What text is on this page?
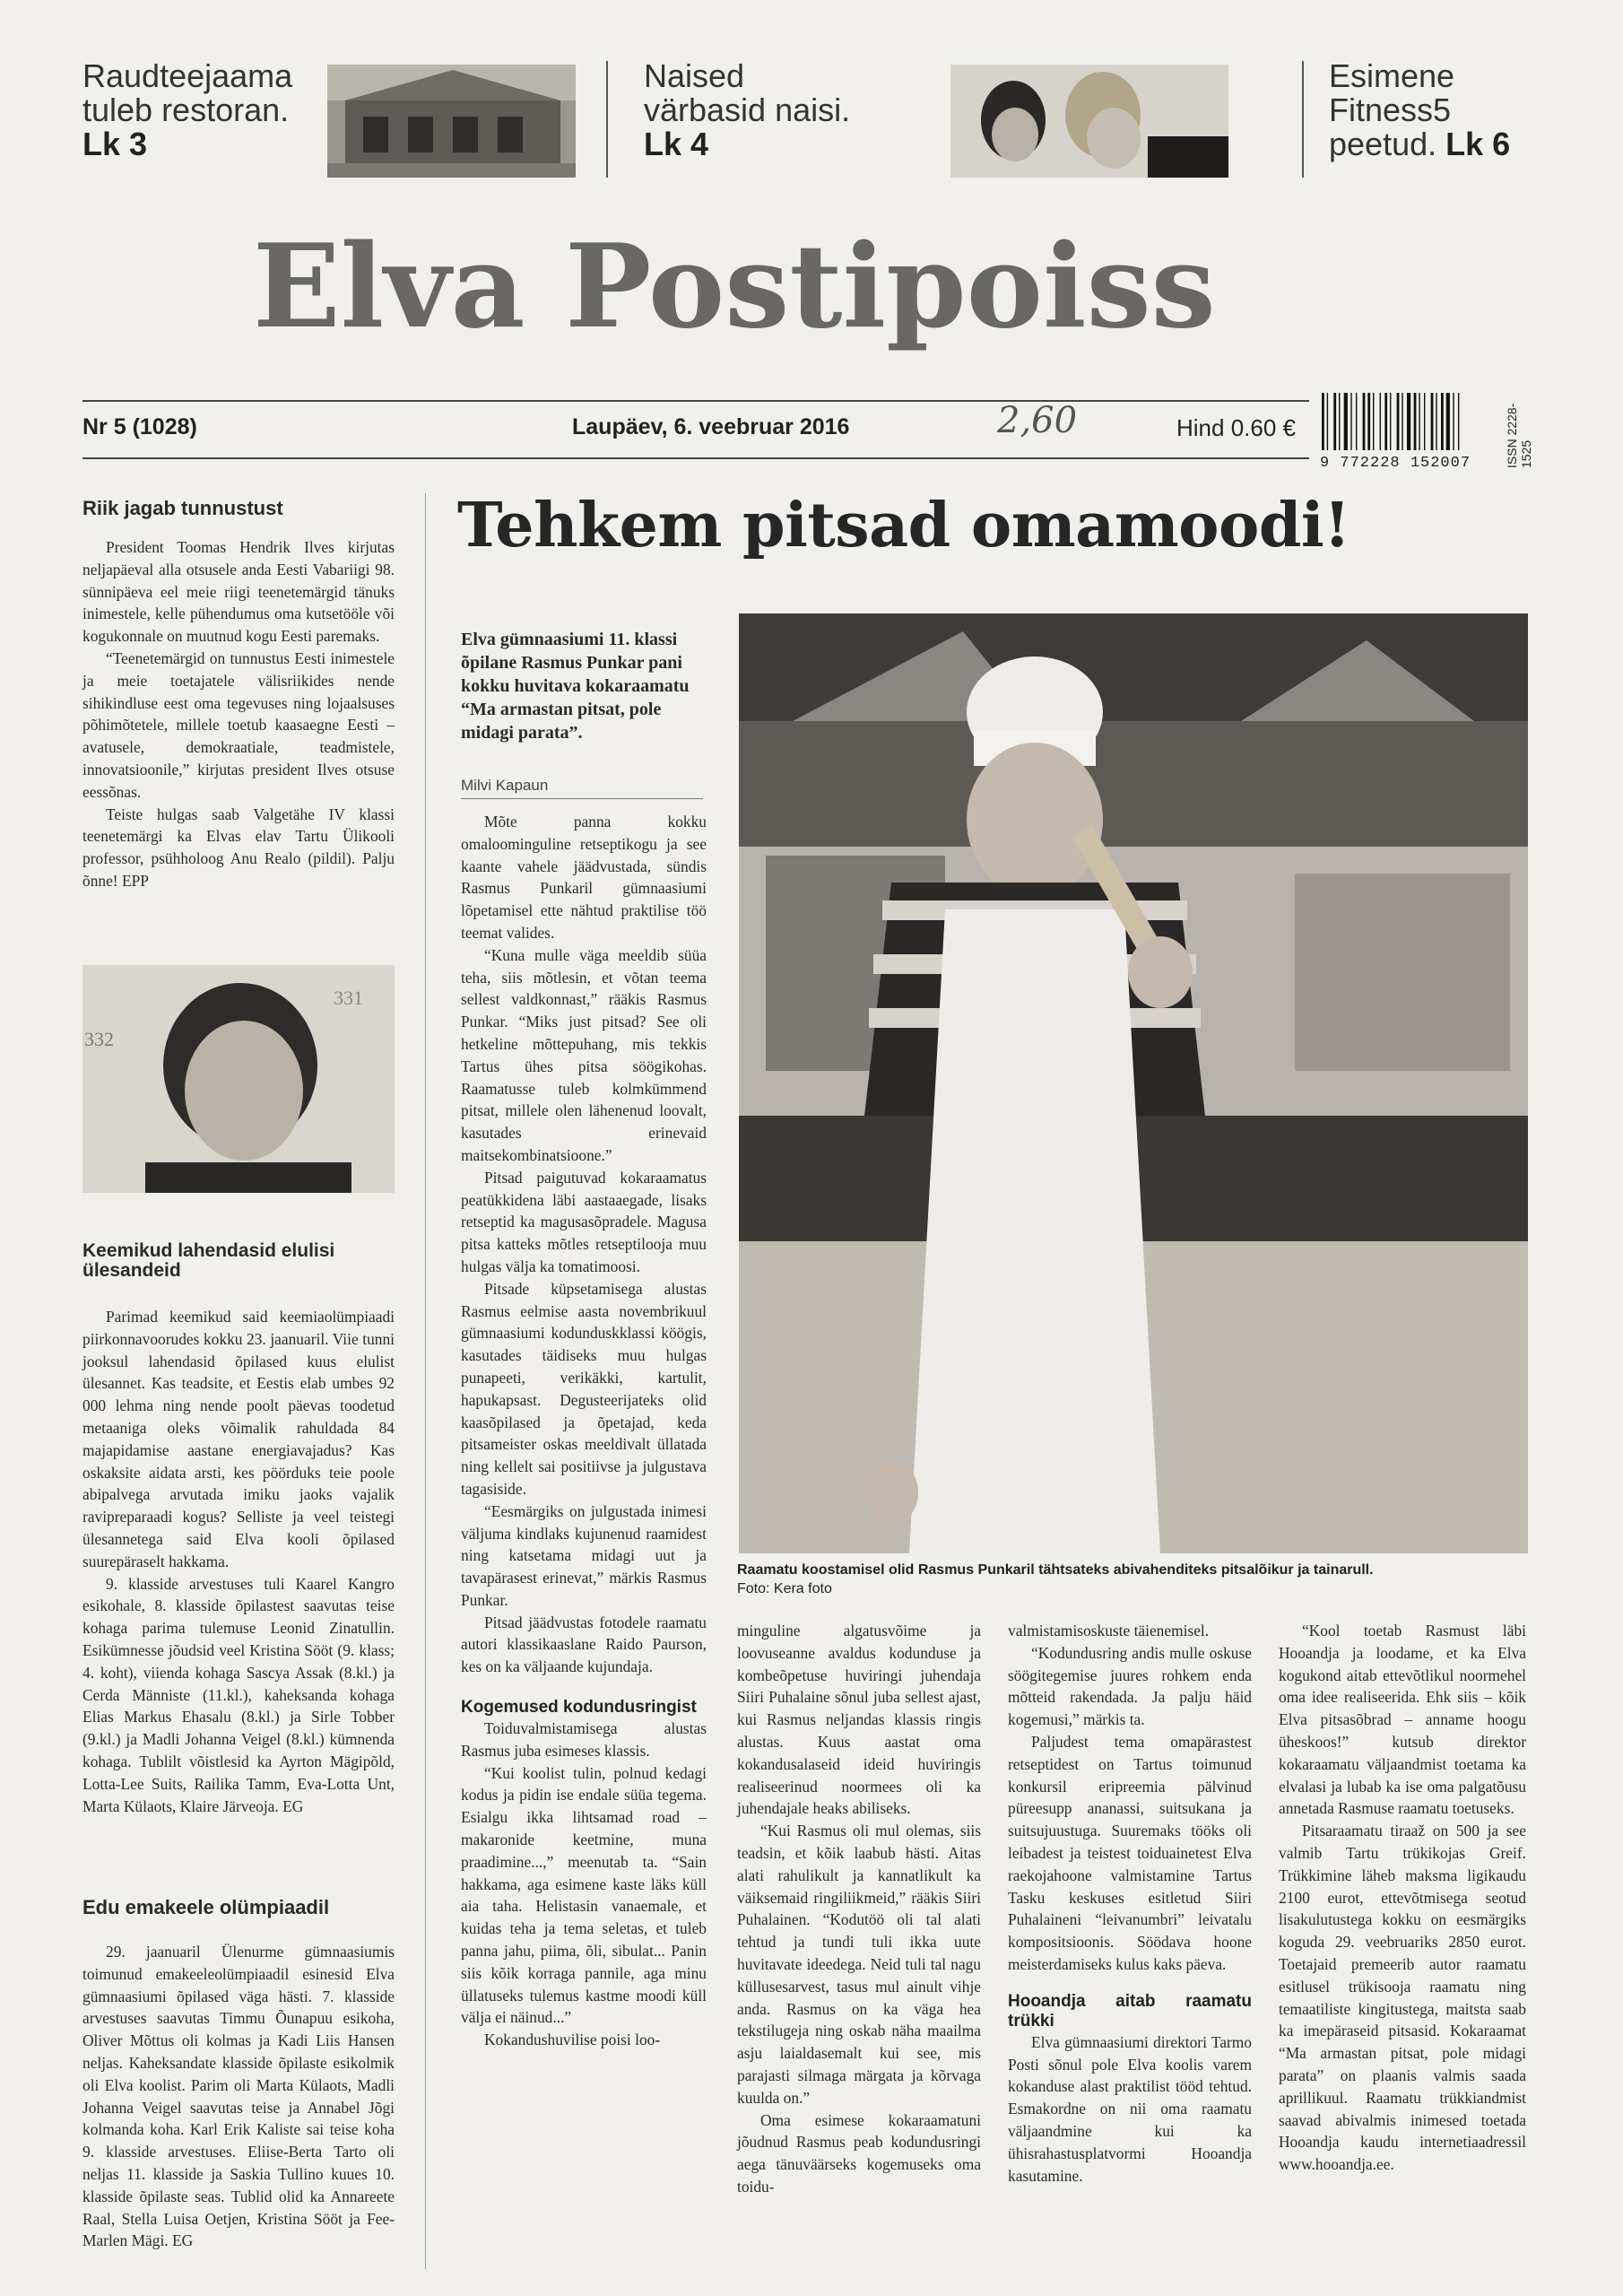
Raudteejaama
tuleb restoran.
Lk 3
Naised
värbasid naisi.
Lk 4
Esimene
Fitness5
peetud. Lk 6
Elva Postipoiss
Nr 5 (1028)	Laupäev, 6. veebruar 2016	2,60	Hind 0.60 €
9 772228 152007	ISSN 2228-1525
Riik jagab tunnustust

President Toomas Hendrik Ilves kirjutas neljapäeval alla otsusele anda Eesti Vabariigi 98. sünnipäeva eel meie riigi teenetemärgid tänuks inimestele, kelle pühendumus oma kutsetööle või kogukonnale on muutnud kogu Eesti paremaks.

“Teenetemärgid on tunnustus Eesti inimestele ja meie toetajatele välisriikides nende sihikindluse eest oma tegevuses ning lojaalsuses põhimõtetele, millele toetub kaasaegne Eesti – avatusele, demokraatiale, teadmistele, innovatsioonile,” kirjutas president Ilves otsuse eessõnas.

Teiste hulgas saab Valgetähe IV klassi teenetemärgi ka Elvas elav Tartu Ülikooli professor, psühholoog Anu Realo (pildil). Palju õnne! EPP

332
331
Keemikud lahendasid elulisi ülesandeid

Parimad keemikud said keemiaolümpiaadi piirkonnavoorudes kokku 23. jaanuaril. Viie tunni jooksul lahendasid õpilased kuus elulist ülesannet. Kas teadsite, et Eestis elab umbes 92 000 lehma ning nende poolt päevas toodetud metaaniga oleks võimalik rahuldada 84 majapidamise aastane energiavajadus? Kas oskaksite aidata arsti, kes pöörduks teie poole abipalvega arvutada imiku jaoks vajalik ravipreparaadi kogus? Selliste ja veel teistegi ülesannetega said Elva kooli õpilased suurepäraselt hakkama.

9. klasside arvestuses tuli Kaarel Kangro esikohale, 8. klasside õpilastest saavutas teise kohaga parima tulemuse Leonid Zinatullin. Esikümnesse jõudsid veel Kristina Sööt (9. klass; 4. koht), viienda kohaga Sascya Assak (8.kl.) ja Cerda Männiste (11.kl.), kaheksanda kohaga Elias Markus Ehasalu (8.kl.) ja Sirle Tobber (9.kl.) ja Madli Johanna Veigel (8.kl.) kümnenda kohaga. Tublilt võistlesid ka Ayrton Mägipõld, Lotta-Lee Suits, Railika Tamm, Eva-Lotta Unt, Marta Külaots, Klaire Järveoja. EG

Edu emakeele olümpiaadil

29. jaanuaril Ülenurme gümnaasiumis toimunud emakeeleolümpiaadil esinesid Elva gümnaasiumi õpilased väga hästi. 7. klasside arvestuses saavutas Timmu Õunapuu esikoha, Oliver Mõttus oli kolmas ja Kadi Liis Hansen neljas. Kaheksandate klasside õpilaste esikolmik oli Elva koolist. Parim oli Marta Külaots, Madli Johanna Veigel saavutas teise ja Annabel Jõgi kolmanda koha. Karl Erik Kaliste sai teise koha 9. klasside arvestuses. Eliise-Berta Tarto oli neljas 11. klasside ja Saskia Tullino kuues 10. klasside õpilaste seas. Tublid olid ka Annareete Raal, Stella Luisa Oetjen, Kristina Sööt ja Fee-Marlen Mägi. EG

Tehkem pitsad omamoodi!
Elva gümnaasiumi 11. klassi õpilane Rasmus Punkar pani kokku huvitava kokaraamatu “Ma armastan pitsat, pole midagi parata”.
Milvi Kapaun

Mõte panna kokku omaloominguline retseptikogu ja see kaante vahele jäädvustada, sündis Rasmus Punkaril gümnaasiumi lõpetamisel ette nähtud praktilise töö teemat valides.

“Kuna mulle väga meeldib süüa teha, siis mõtlesin, et võtan teema sellest valdkonnast,” rääkis Rasmus Punkar. “Miks just pitsad? See oli hetkeline mõttepuhang, mis tekkis Tartus ühes pitsa söögikohas. Raamatusse tuleb kolmkümmend pitsat, millele olen lähenenud loovalt, kasutades erinevaid maitsekombinatsioone.”

Pitsad paigutuvad kokaraamatus peatükkidena läbi aastaaegade, lisaks retseptid ka magusasõpradele. Magusa pitsa katteks mõtles retseptilooja muu hulgas välja ka tomatimoosi.

Pitsade küpsetamisega alustas Rasmus eelmise aasta novembrikuul gümnaasiumi kodunduskklassi köögis, kasutades täidiseks muu hulgas punapeeti, verikäkki, kartulit, hapukapsast. Degusteerijateks olid kaasõpilased ja õpetajad, keda pitsameister oskas meeldivalt üllatada ning kellelt sai positiivse ja julgustava tagasiside.

“Eesmärgiks on julgustada inimesi väljuma kindlaks kujunenud raamidest ning katsetama midagi uut ja tavapärasest erinevat,” märkis Rasmus Punkar.

Pitsad jäädvustas fotodele raamatu autori klassikaaslane Raido Paurson, kes on ka väljaande kujundaja.

Kogemused kodundusringist

Toiduvalmistamisega alustas Rasmus juba esimeses klassis.

“Kui koolist tulin, polnud kedagi kodus ja pidin ise endale süüa tegema. Esialgu ikka lihtsamad road – makaronide keetmine, muna praadimine...,” meenutab ta. “Sain hakkama, aga esimene kaste läks küll aia taha. Helistasin vanaemale, et kuidas teha ja tema seletas, et tuleb panna jahu, piima, õli, sibulat... Panin siis kõik korraga pannile, aga minu üllatuseks tulemus kastme moodi küll välja ei näinud...”

Kokandushuvilise poisi loo-

Raamatu koostamisel olid Rasmus Punkaril tähtsateks abivahenditeks pitsalõikur ja tainarull.
Foto: Kera foto

minguline algatusvõime ja loovuseanne avaldus kodunduse ja kombeõpetuse huviringi juhendaja Siiri Puhalaine sõnul juba sellest ajast, kui Rasmus neljandas klassis ringis alustas. Kuus aastat oma kokandusalaseid ideid huviringis realiseerinud noormees oli ka juhendajale heaks abiliseks.

“Kui Rasmus oli mul olemas, siis teadsin, et kõik laabub hästi. Aitas alati rahulikult ja kannatlikult ka väiksemaid ringiliikmeid,” rääkis Siiri Puhalainen. “Kodutöö oli tal alati tehtud ja tundi tuli ikka uute huvitavate ideedega. Neid tuli tal nagu küllusesarvest, tasus mul ainult vihje anda. Rasmus on ka väga hea tekstilugeja ning oskab näha maailma asju laialdasemalt kui see, mis parajasti silmaga märgata ja kõrvaga kuulda on.”

Oma esimese kokaraamatuni jõudnud Rasmus peab kodundusringi aega tänuväärseks kogemuseks oma toidu-

valmistamisoskuste täienemisel.

“Kodundusring andis mulle oskuse söögitegemise juures rohkem enda mõtteid rakendada. Ja palju häid kogemusi,” märkis ta.

Paljudest tema omapärastest retseptidest on Tartus toimunud konkursil eripreemia pälvinud püreesupp ananassi, suitsukana ja suitsujuustuga. Suuremaks tööks oli leibadest ja teistest toiduainetest Elva raekojahoone valmistamine Tartus Tasku keskuses esitletud Siiri Puhalaineni “leivanumbri” leivatalu kompositsioonis. Söödava hoone meisterdamiseks kulus kaks päeva.

Hooandja aitab raamatu trükki

Elva gümnaasiumi direktori Tarmo Posti sõnul pole Elva koolis varem kokanduse alast praktilist tööd tehtud. Esmakordne on nii oma raamatu väljaandmine kui ka ühisrahastusplatvormi Hooandja kasutamine.

“Kool toetab Rasmust läbi Hooandja ja loodame, et ka Elva kogukond aitab ettevõtlikul noormehel oma idee realiseerida. Ehk siis – kõik Elva pitsasõbrad – anname hoogu üheskoos!” kutsub direktor kokaraamatu väljaandmist toetama ka elvalasi ja lubab ka ise oma palgatõusu annetada Rasmuse raamatu toetuseks.

Pitsaraamatu tiraaž on 500 ja see valmib Tartu trükikojas Greif. Trükkimine läheb maksma ligikaudu 2100 eurot, ettevõtmisega seotud lisakulutustega kokku on eesmärgiks koguda 29. veebruariks 2850 eurot. Toetajaid premeerib autor raamatu esitlusel trükisooja raamatu ning temaatiliste kingitustega, maitsta saab ka imepäraseid pitsasid. Kokaraamat “Ma armastan pitsat, pole midagi parata” on plaanis valmis saada aprillikuul. Raamatu trükkiandmist saavad abivalmis inimesed toetada Hooandja kaudu internetiaadressil www.hooandja.ee.
